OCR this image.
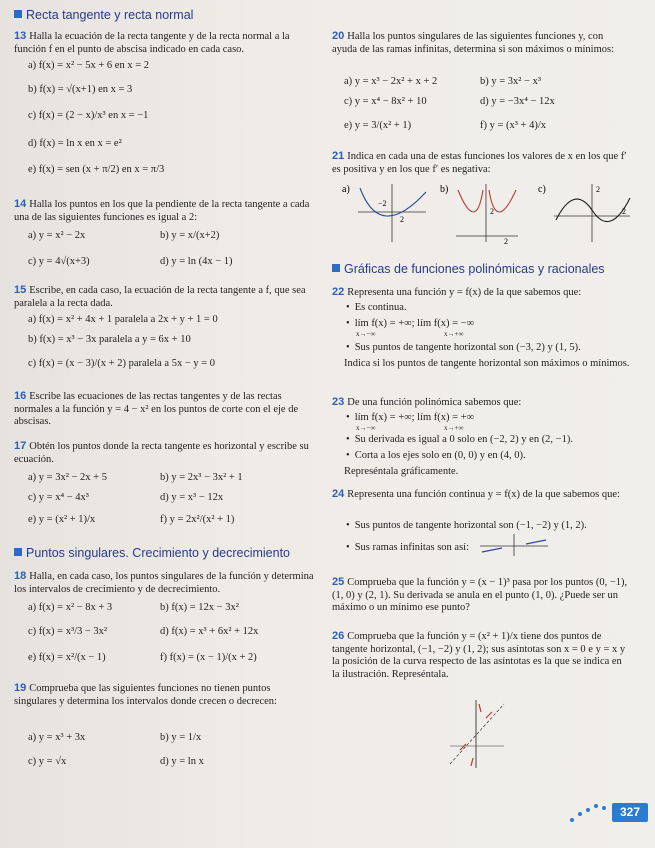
Recta tangente y recta normal
13 Halla la ecuación de la recta tangente y de la recta normal a la función f en el punto de abscisa indicado en cada caso.
a) f(x) = x² − 5x + 6 en x = 2
b) f(x) = √(x+1) en x = 3
c) f(x) = (2 − x)/x³ en x = −1
d) f(x) = ln x en x = e²
e) f(x) = sen (x + π/2) en x = π/3
14 Halla los puntos en los que la pendiente de la recta tangente a cada una de las siguientes funciones es igual a 2:
a) y = x² − 2x	b) y = x/(x+2)
c) y = 4√(x+3)	d) y = ln (4x − 1)
15 Escribe, en cada caso, la ecuación de la recta tangente a f, que sea paralela a la recta dada.
a) f(x) = x² + 4x + 1 paralela a 2x + y + 1 = 0
b) f(x) = x³ − 3x paralela a y = 6x + 10
c) f(x) = (x − 3)/(x + 2) paralela a 5x − y = 0
16 Escribe las ecuaciones de las rectas tangentes y de las rectas normales a la función y = 4 − x² en los puntos de corte con el eje de abscisas.
17 Obtén los puntos donde la recta tangente es horizontal y escribe su ecuación.
a) y = 3x² − 2x + 5	b) y = 2x³ − 3x² + 1
c) y = x⁴ − 4x³	d) y = x³ − 12x
e) y = (x² + 1)/x	f) y = 2x²/(x² + 1)
Puntos singulares. Crecimiento y decrecimiento
18 Halla, en cada caso, los puntos singulares de la función y determina los intervalos de crecimiento y de decrecimiento.
a) f(x) = x² − 8x + 3	b) f(x) = 12x − 3x²
c) f(x) = x³/3 − 3x²	d) f(x) = x³ + 6x² + 12x
e) f(x) = x²/(x − 1)	f) f(x) = (x − 1)/(x + 2)
19 Comprueba que las siguientes funciones no tienen puntos singulares y determina los intervalos donde crecen o decrecen:
a) y = x³ + 3x	b) y = 1/x
c) y = √x	d) y = ln x
20 Halla los puntos singulares de las siguientes funciones y, con ayuda de las ramas infinitas, determina si son máximos o mínimos:
a) y = x³ − 2x² + x + 2	b) y = 3x² − x³
c) y = x⁴ − 8x² + 10	d) y = −3x⁴ − 12x
e) y = 3/(x² + 1)	f) y = (x³ + 4)/x
21 Indica en cada una de estas funciones los valores de x en los que f′ es positiva y en los que f′ es negativa:
a)
−2
2
b)
2
2
c)	2
2
Gráficas de funciones polinómicas y racionales
22 Representa una función y = f(x) de la que sabemos que:
• Es continua.
• lím f(x) = +∞; lím f(x) = −∞
x→−∞	x→+∞
• Sus puntos de tangente horizontal son (−3, 2) y (1, 5).
Indica si los puntos de tangente horizontal son máximos o mínimos.
23 De una función polinómica sabemos que:
• lím f(x) = +∞; lím f(x) = +∞
x→−∞	x→+∞
• Su derivada es igual a 0 solo en (−2, 2) y en (2, −1).
• Corta a los ejes solo en (0, 0) y en (4, 0).
Represéntala gráficamente.
24 Representa una función continua y = f(x) de la que sabemos que:
• Sus puntos de tangente horizontal son (−1, −2) y (1, 2).
• Sus ramas infinitas son así:
25 Comprueba que la función y = (x − 1)³ pasa por los puntos (0, −1), (1, 0) y (2, 1). Su derivada se anula en el punto (1, 0). ¿Puede ser un máximo o un mínimo ese punto?
26 Comprueba que la función y = (x² + 1)/x tiene dos puntos de tangente horizontal, (−1, −2) y (1, 2); sus asíntotas son x = 0 e y = x y la posición de la curva respecto de las asíntotas es la que se indica en la ilustración. Represéntala.
327
